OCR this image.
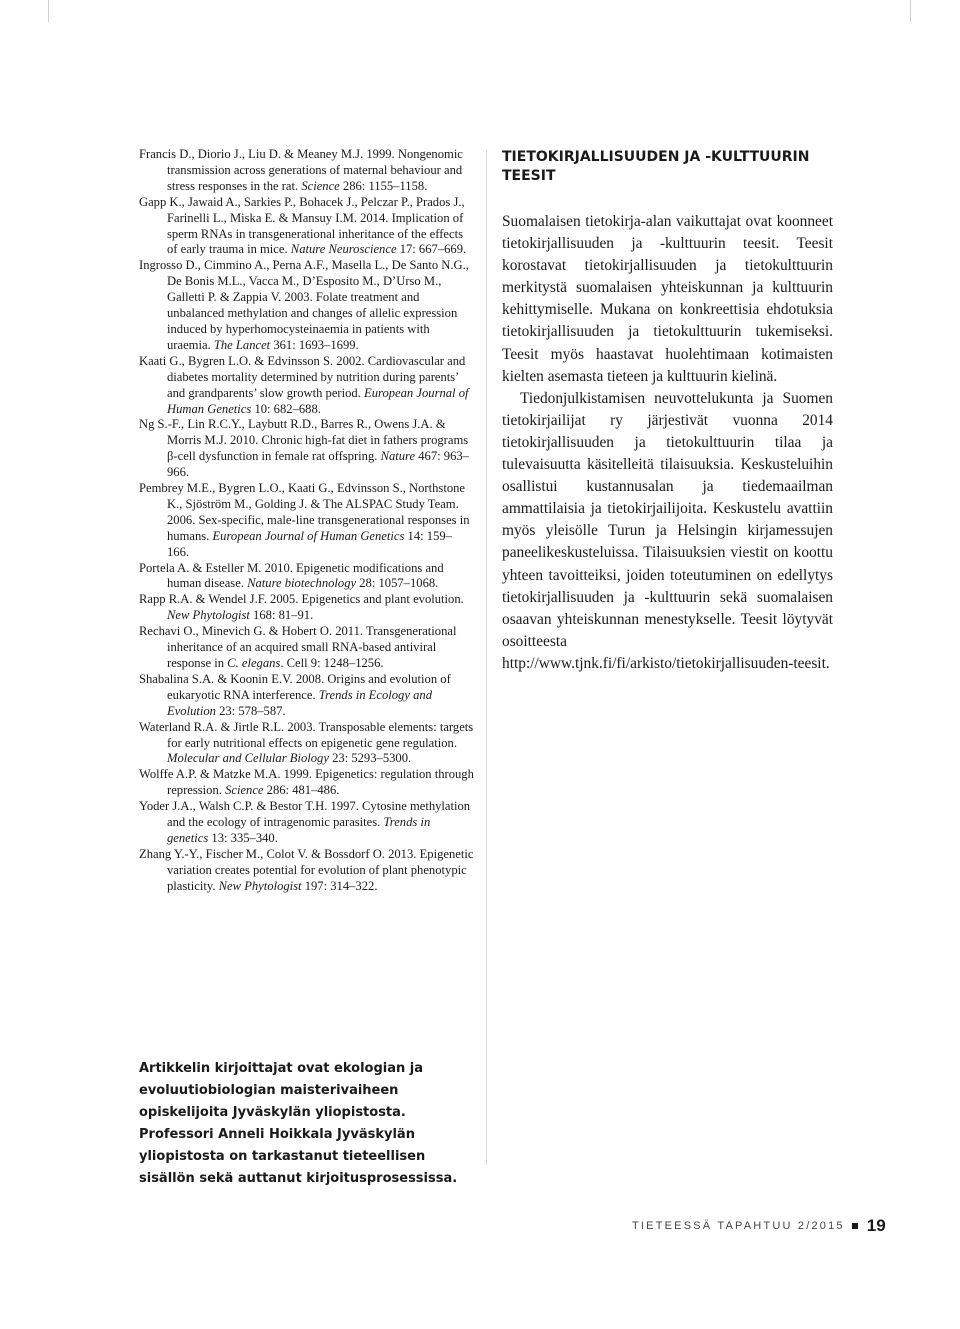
Francis D., Diorio J., Liu D. & Meaney M.J. 1999. Nongenomic transmission across generations of maternal behaviour and stress responses in the rat. Science 286: 1155–1158.

Gapp K., Jawaid A., Sarkies P., Bohacek J., Pelczar P., Prados J., Farinelli L., Miska E. & Mansuy I.M. 2014. Implication of sperm RNAs in transgenerational inheritance of the effects of early trauma in mice. Nature Neuroscience 17: 667–669.

Ingrosso D., Cimmino A., Perna A.F., Masella L., De Santo N.G., De Bonis M.L., Vacca M., D’Esposito M., D’Urso M., Galletti P. & Zappia V. 2003. Folate treatment and unbalanced methylation and changes of allelic expression induced by hyperhomocysteinaemia in patients with uraemia. The Lancet 361: 1693–1699.

Kaati G., Bygren L.O. & Edvinsson S. 2002. Cardiovascular and diabetes mortality determined by nutrition during parents’ and grandparents’ slow growth period. European Journal of Human Genetics 10: 682–688.

Ng S.-F., Lin R.C.Y., Laybutt R.D., Barres R., Owens J.A. & Morris M.J. 2010. Chronic high-fat diet in fathers programs β-cell dysfunction in female rat offspring. Nature 467: 963–966.

Pembrey M.E., Bygren L.O., Kaati G., Edvinsson S., Northstone K., Sjöström M., Golding J. & The ALSPAC Study Team. 2006. Sex-specific, male-line transgenerational responses in humans. European Journal of Human Genetics 14: 159–166.

Portela A. & Esteller M. 2010. Epigenetic modifications and human disease. Nature biotechnology 28: 1057–1068.

Rapp R.A. & Wendel J.F. 2005. Epigenetics and plant evolution. New Phytologist 168: 81–91.

Rechavi O., Minevich G. & Hobert O. 2011. Transgenerational inheritance of an acquired small RNA-based antiviral response in C. elegans. Cell 9: 1248–1256.

Shabalina S.A. & Koonin E.V. 2008. Origins and evolution of eukaryotic RNA interference. Trends in Ecology and Evolution 23: 578–587.

Waterland R.A. & Jirtle R.L. 2003. Transposable elements: targets for early nutritional effects on epigenetic gene regulation. Molecular and Cellular Biology 23: 5293–5300.

Wolffe A.P. & Matzke M.A. 1999. Epigenetics: regulation through repression. Science 286: 481–486.

Yoder J.A., Walsh C.P. & Bestor T.H. 1997. Cytosine methylation and the ecology of intragenomic parasites. Trends in genetics 13: 335–340.

Zhang Y.-Y., Fischer M., Colot V. & Bossdorf O. 2013. Epigenetic variation creates potential for evolution of plant phenotypic plasticity. New Phytologist 197: 314–322.

TIETOKIRJALLISUUDEN JA -KULTTUURIN TEESIT

Suomalaisen tietokirja-alan vaikuttajat ovat koonneet tietokirjallisuuden ja -kulttuurin teesit. Teesit korostavat tietokirjallisuuden ja tietokulttuurin merkitystä suomalaisen yhteiskunnan ja kulttuurin kehittymiselle. Mukana on konkreettisia ehdotuksia tietokirjallisuuden ja tietokulttuurin tukemiseksi. Teesit myös haastavat huolehtimaan kotimaisten kielten asemasta tieteen ja kulttuurin kielinä.

Tiedonjulkistamisen neuvottelukunta ja Suomen tietokirjailijat ry järjestivät vuonna 2014 tietokirjallisuuden ja tietokulttuurin tilaa ja tulevaisuutta käsitelleitä tilaisuuksia. Keskusteluihin osallistui kustannusalan ja tiedemaailman ammattilaisia ja tietokirjailijoita. Keskustelu avattiin myös yleisölle Turun ja Helsingin kirjamessujen paneelikeskusteluissa. Tilaisuuksien viestit on koottu yhteen tavoitteiksi, joiden toteutuminen on edellytys tietokirjallisuuden ja -kulttuurin sekä suomalaisen osaavan yhteiskunnan menestykselle. Teesit löytyvät osoitteesta http://www.tjnk.fi/fi/arkisto/tietokirjallisuuden-teesit.

Artikkelin kirjoittajat ovat ekologian ja evoluutiobiologian maisterivaiheen opiskelijoita Jyväskylän yliopistosta. Professori Anneli Hoikkala Jyväskylän yliopistosta on tarkastanut tieteellisen sisällön sekä auttanut kirjoitusprosessissa.

TIETEESSÄ TAPAHTUU 2/2015 19
